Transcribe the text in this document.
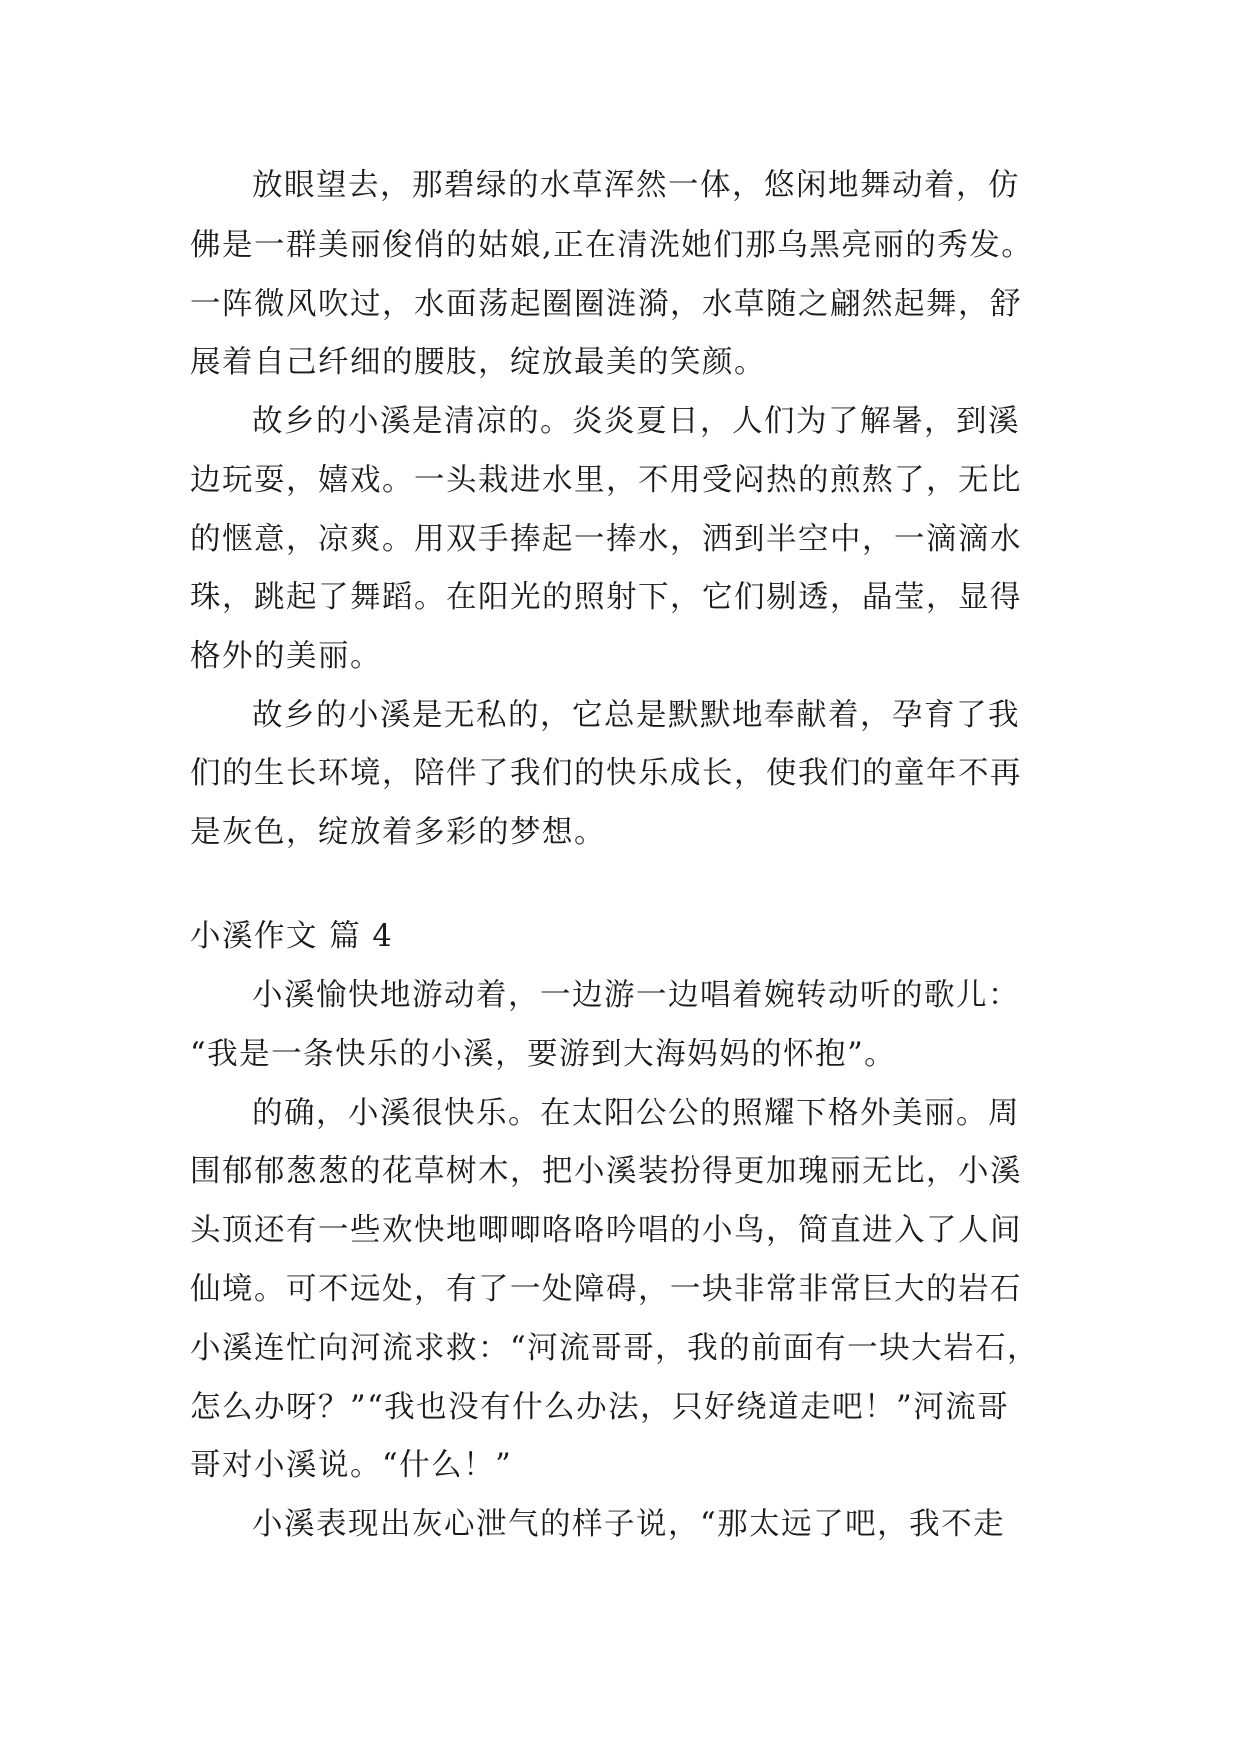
放眼望去，那碧绿的水草浑然一体，悠闲地舞动着，仿
佛是一群美丽俊俏的姑娘,正在清洗她们那乌黑亮丽的秀发。
一阵微风吹过，水面荡起圈圈涟漪，水草随之翩然起舞，舒
展着自己纤细的腰肢，绽放最美的笑颜。
故乡的小溪是清凉的。炎炎夏日，人们为了解暑，到溪
边玩耍，嬉戏。一头栽进水里，不用受闷热的煎熬了，无比
的惬意，凉爽。用双手捧起一捧水，洒到半空中，一滴滴水
珠，跳起了舞蹈。在阳光的照射下，它们剔透，晶莹，显得
格外的美丽。
故乡的小溪是无私的，它总是默默地奉献着，孕育了我
们的生长环境，陪伴了我们的快乐成长，使我们的童年不再
是灰色，绽放着多彩的梦想。
小溪作文 篇 4
小溪愉快地游动着，一边游一边唱着婉转动听的歌儿：
“我是一条快乐的小溪，要游到大海妈妈的怀抱”。
的确，小溪很快乐。在太阳公公的照耀下格外美丽。周
围郁郁葱葱的花草树木，把小溪装扮得更加瑰丽无比，小溪
头顶还有一些欢快地唧唧咯咯吟唱的小鸟，简直进入了人间
仙境。可不远处，有了一处障碍，一块非常非常巨大的岩石
小溪连忙向河流求救：“河流哥哥，我的前面有一块大岩石，
怎么办呀？”“我也没有什么办法，只好绕道走吧！”河流哥
哥对小溪说。“什么！”
小溪表现出灰心泄气的样子说，“那太远了吧，我不走
